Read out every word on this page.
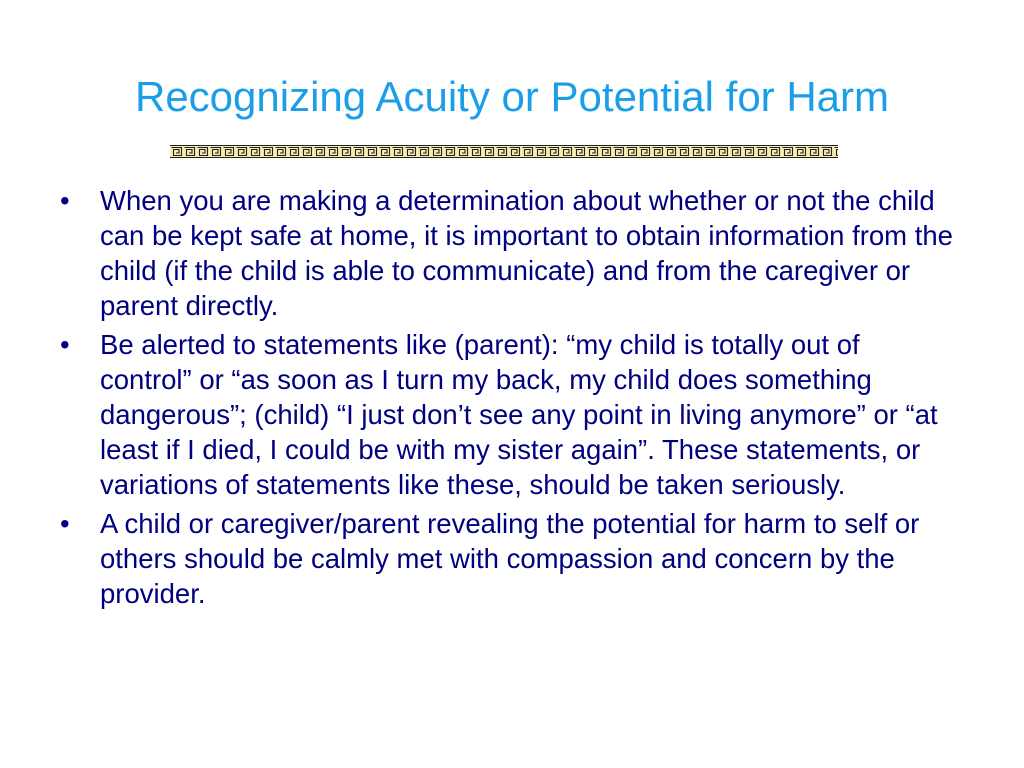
Recognizing Acuity or Potential for Harm
• When you are making a determination about whether or not the child can be kept safe at home, it is important to obtain information from the child (if the child is able to communicate) and from the caregiver or parent directly.
• Be alerted to statements like (parent): “my child is totally out of control” or “as soon as I turn my back, my child does something dangerous”; (child) “I just don’t see any point in living anymore” or “at least if I died, I could be with my sister again”. These statements, or variations of statements like these, should be taken seriously.
• A child or caregiver/parent revealing the potential for harm to self or others should be calmly met with compassion and concern by the provider.
